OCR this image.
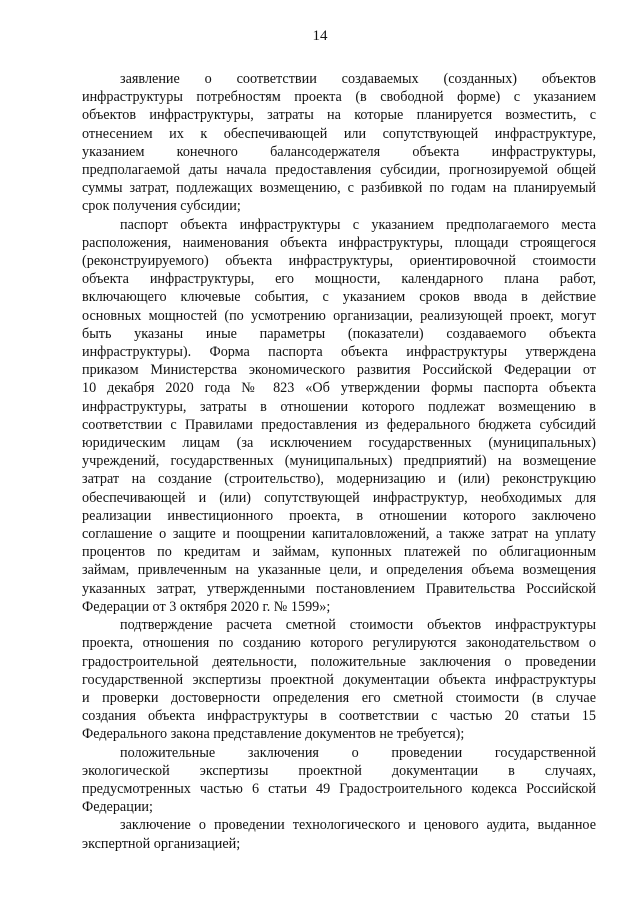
14
заявление о соответствии создаваемых (созданных) объектов
инфраструктуры потребностям проекта (в свободной форме) с указанием
объектов инфраструктуры, затраты на которые планируется возместить, с
отнесением их к обеспечивающей или сопутствующей инфраструктуре,
указанием конечного балансодержателя объекта инфраструктуры,
предполагаемой даты начала предоставления субсидии, прогнозируемой общей
суммы затрат, подлежащих возмещению, с разбивкой по годам на планируемый
срок получения субсидии;
паспорт объекта инфраструктуры с указанием предполагаемого места
расположения, наименования объекта инфраструктуры, площади строящегося
(реконструируемого) объекта инфраструктуры, ориентировочной стоимости
объекта инфраструктуры, его мощности, календарного плана работ,
включающего ключевые события, с указанием сроков ввода в действие
основных мощностей (по усмотрению организации, реализующей проект, могут
быть указаны иные параметры (показатели) создаваемого объекта
инфраструктуры). Форма паспорта объекта инфраструктуры утверждена
приказом Министерства экономического развития Российской Федерации от
10 декабря 2020 года № 823 «Об утверждении формы паспорта объекта
инфраструктуры, затраты в отношении которого подлежат возмещению в
соответствии с Правилами предоставления из федерального бюджета субсидий
юридическим лицам (за исключением государственных (муниципальных)
учреждений, государственных (муниципальных) предприятий) на возмещение
затрат на создание (строительство), модернизацию и (или) реконструкцию
обеспечивающей и (или) сопутствующей инфраструктур, необходимых для
реализации инвестиционного проекта, в отношении которого заключено
соглашение о защите и поощрении капиталовложений, а также затрат на уплату
процентов по кредитам и займам, купонных платежей по облигационным
займам, привлеченным на указанные цели, и определения объема возмещения
указанных затрат, утвержденными постановлением Правительства Российской
Федерации от 3 октября 2020 г. № 1599»;
подтверждение расчета сметной стоимости объектов инфраструктуры
проекта, отношения по созданию которого регулируются законодательством о
градостроительной деятельности, положительные заключения о проведении
государственной экспертизы проектной документации объекта инфраструктуры
и проверки достоверности определения его сметной стоимости (в случае
создания объекта инфраструктуры в соответствии с частью 20 статьи 15
Федерального закона представление документов не требуется);
положительные заключения о проведении государственной
экологической экспертизы проектной документации в случаях,
предусмотренных частью 6 статьи 49 Градостроительного кодекса Российской
Федерации;
заключение о проведении технологического и ценового аудита, выданное
экспертной организацией;
